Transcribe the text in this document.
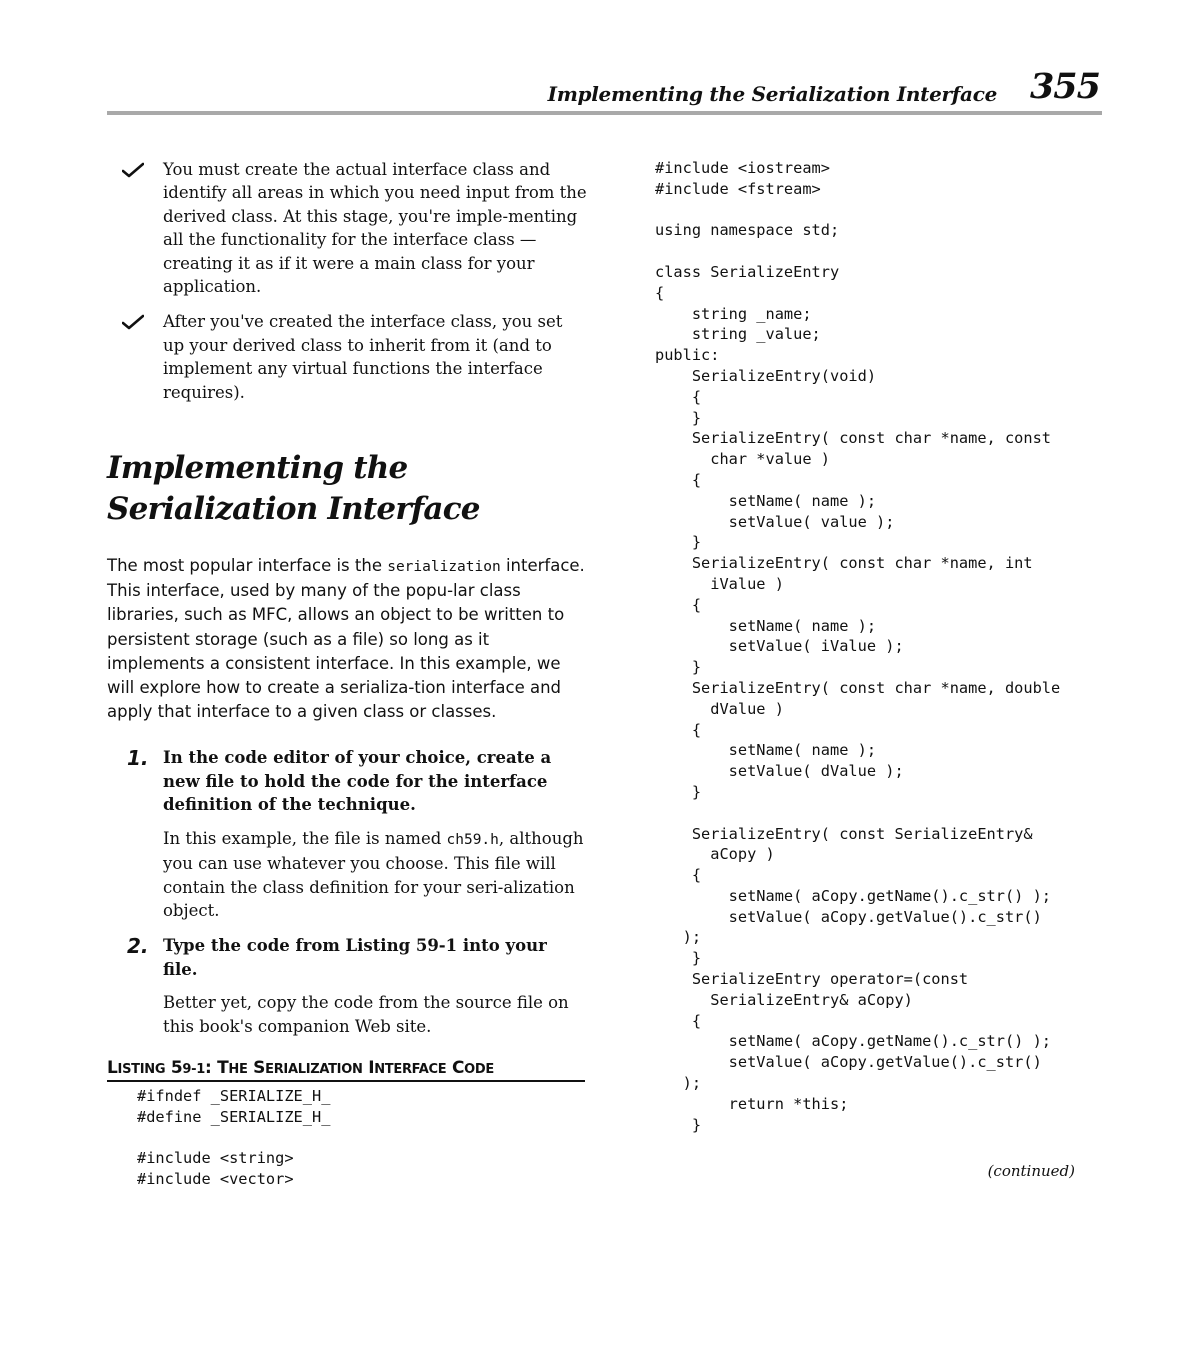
Implementing the Serialization Interface 355
You must create the actual interface class and identify all areas in which you need input from the derived class. At this stage, you're imple-menting all the functionality for the interface class — creating it as if it were a main class for your application.
After you've created the interface class, you set up your derived class to inherit from it (and to implement any virtual functions the interface requires).
Implementing the Serialization Interface

The most popular interface is the serialization interface. This interface, used by many of the popu-lar class libraries, such as MFC, allows an object to be written to persistent storage (such as a file) so long as it implements a consistent interface. In this example, we will explore how to create a serializa-tion interface and apply that interface to a given class or classes.

1. In the code editor of your choice, create a new file to hold the code for the interface definition of the technique.

In this example, the file is named ch59.h, although you can use whatever you choose. This file will contain the class definition for your seri-alization object.

2. Type the code from Listing 59-1 into your file.

Better yet, copy the code from the source file on this book's companion Web site.

LISTING 59-1: THE SERIALIZATION INTERFACE CODE
#ifndef _SERIALIZE_H_
#define _SERIALIZE_H_

#include <string>
#include <vector>
#include <iostream>
#include <fstream>

using namespace std;

class SerializeEntry
{
string _name;
string _value;
public:
SerializeEntry(void)
{
}
SerializeEntry( const char *name, const
char *value )
{
setName( name );
setValue( value );
}
SerializeEntry( const char *name, int
iValue )
{
setName( name );
setValue( iValue );
}
SerializeEntry( const char *name, double
dValue )
{
setName( name );
setValue( dValue );
}

SerializeEntry( const SerializeEntry&
aCopy )
{
setName( aCopy.getName().c_str() );
setValue( aCopy.getValue().c_str()
);
}
SerializeEntry operator=(const
SerializeEntry& aCopy)
{
setName( aCopy.getName().c_str() );
setValue( aCopy.getValue().c_str()
);
return *this;
}
(continued)
